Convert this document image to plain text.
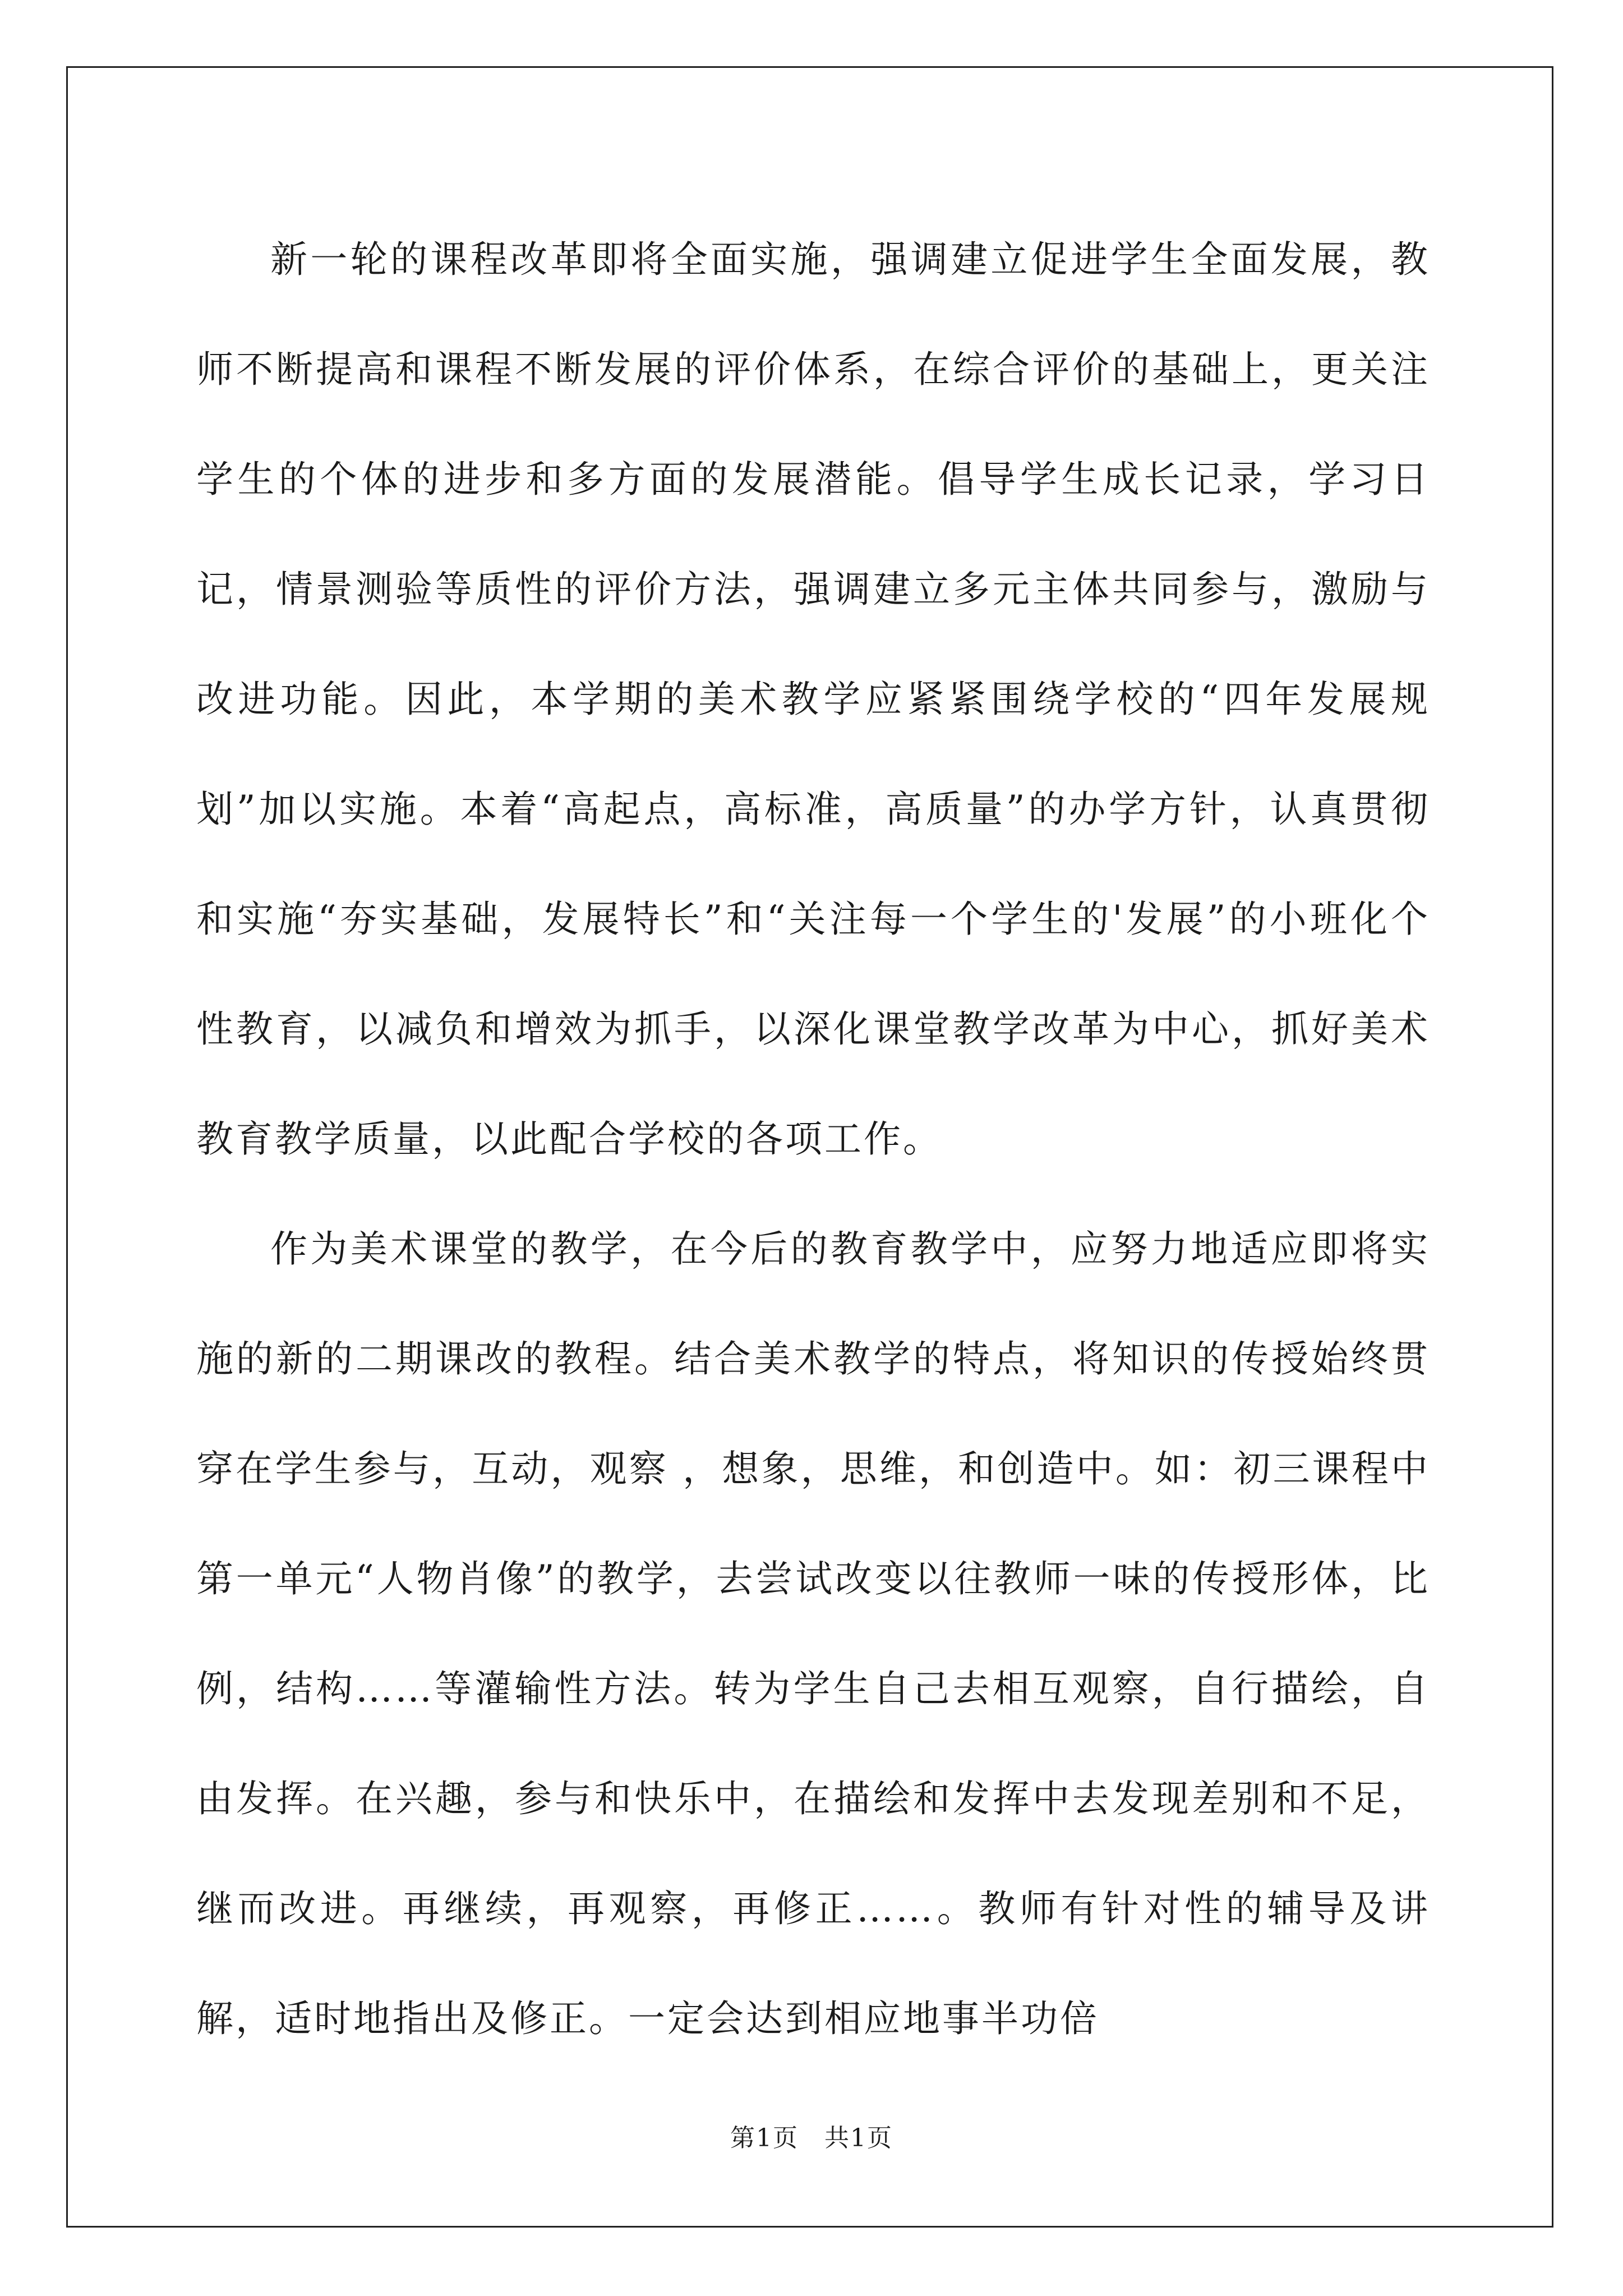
新一轮的课程改革即将全面实施，强调建立促进学生全面发展，教师不断提高和课程不断发展的评价体系，在综合评价的基础上，更关注学生的个体的进步和多方面的发展潜能。倡导学生成长记录，学习日记，情景测验等质性的评价方法，强调建立多元主体共同参与，激励与改进功能。因此，本学期的美术教学应紧紧围绕学校的“四年发展规划”加以实施。本着“高起点，高标准，高质量”的办学方针，认真贯彻和实施“夯实基础，发展特长”和“关注每一个学生的'发展”的小班化个性教育，以减负和增效为抓手，以深化课堂教学改革为中心，抓好美术教育教学质量，以此配合学校的各项工作。

作为美术课堂的教学，在今后的教育教学中，应努力地适应即将实施的新的二期课改的教程。结合美术教学的特点，将知识的传授始终贯穿在学生参与，互动，观察 ，想象，思维，和创造中。如：初三课程中第一单元“人物肖像”的教学，去尝试改变以往教师一味的传授形体，比例，结构……等灌输性方法。转为学生自己去相互观察，自行描绘，自由发挥。在兴趣，参与和快乐中，在描绘和发挥中去发现差别和不足，继而改进。再继续，再观察，再修正……。教师有针对性的辅导及讲解，适时地指出及修正。一定会达到相应地事半功倍

第1页　共1页
